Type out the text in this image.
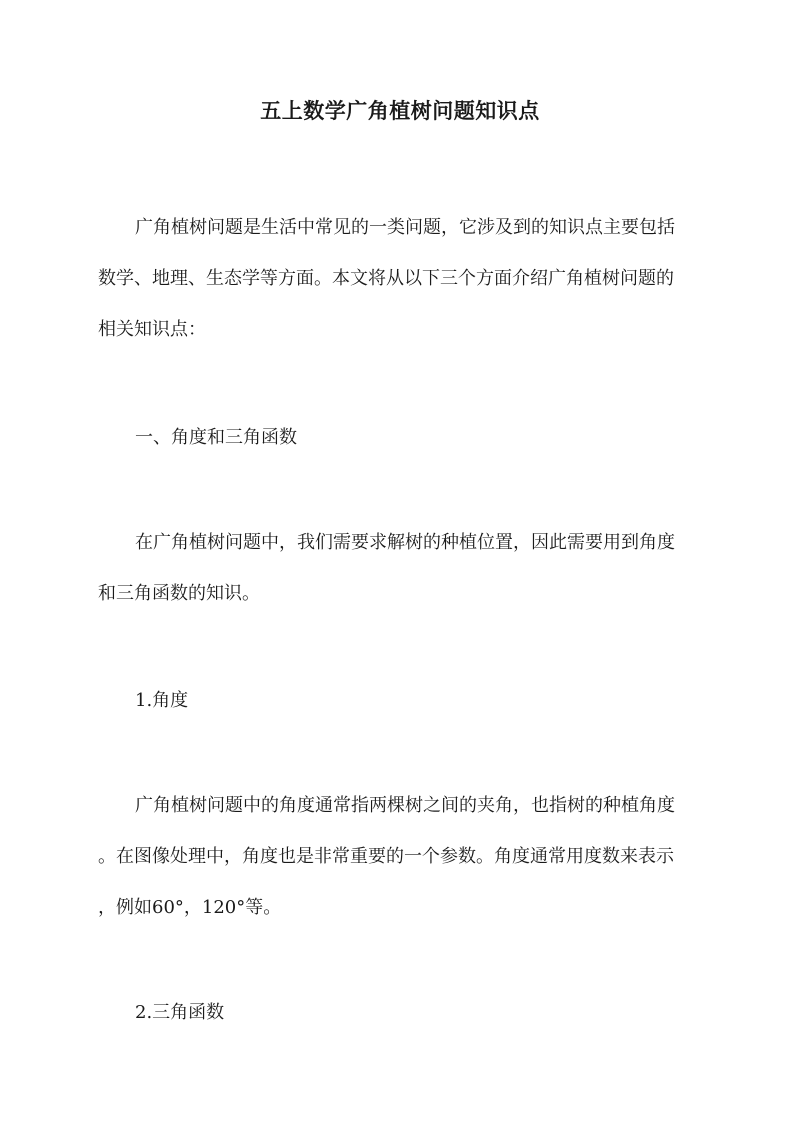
五上数学广角植树问题知识点
广角植树问题是生活中常见的一类问题，它涉及到的知识点主要包括
数学、地理、生态学等方面。本文将从以下三个方面介绍广角植树问题的
相关知识点：
一、角度和三角函数
在广角植树问题中，我们需要求解树的种植位置，因此需要用到角度
和三角函数的知识。
1.角度
广角植树问题中的角度通常指两棵树之间的夹角，也指树的种植角度
。在图像处理中，角度也是非常重要的一个参数。角度通常用度数来表示
，例如60°，120°等。
2.三角函数
